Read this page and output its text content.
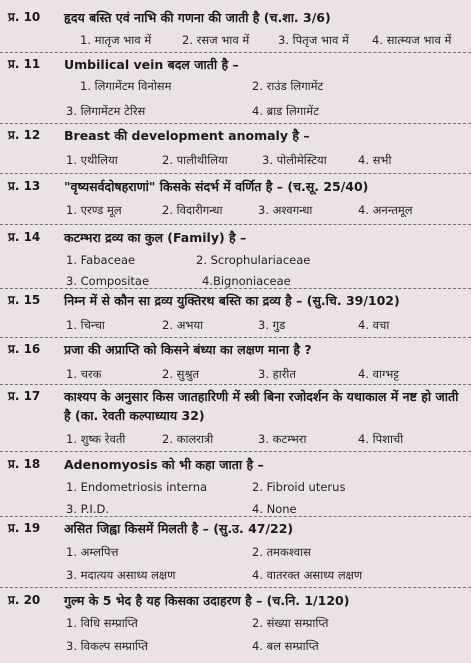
प्र. 10 हृदय बस्ति एवं नाभि की गणना की जाती है (च.शा. 3/6)
1. मातृज भाव में	2. रसज भाव में 3. पितृज भाव में 4. सात्म्यज भाव में
प्र. 11 Umbilical vein बदल जाती है –
1. लिगामेंटम विनोसम	2. राउंड लिगामेंट
3. लिगामेंटम टेरिस	4. ब्राड लिगामेंट
प्र. 12 Breast की development anomaly है –
1. एथीलिया	2. पालीथीलिया	3. पोलीमेस्टिया	4. सभी
प्र. 13 "वृष्यसर्वदोषहराणां" किसके संदर्भ में वर्णित है – (च.सू. 25/40)
1. एरण्ड मूल	2. विदारीगन्धा	3. अश्वगन्धा	4. अनन्तमूल
प्र. 14 कटम्भरा द्रव्य का कुल (Family) है –
1. Fabaceae	2. Scrophulariaceae
3. Compositae	4.Bignoniaceae
प्र. 15 निम्न में से कौन सा द्रव्य युक्तिरथ बस्ति का द्रव्य है – (सु.चि. 39/102)
1. चिन्चा	2. अभया	3. गुड	4. वचा
प्र. 16 प्रजा की अप्राप्ति को किसने बंध्या का लक्षण माना है ?
1. चरक	2. सुश्रुत	3. हारीत	4. वाग्भट्ट
प्र. 17 काश्यप के अनुसार किस जातहारिणी में स्त्री बिना रजोदर्शन के यथाकाल में नष्ट हो जाती है (का. रेवती कल्पाध्याय 32)
1. शुष्क रेवती	2. कालरात्री	3. कटम्भरा	4. पिशाची
प्र. 18 Adenomyosis को भी कहा जाता है –
1. Endometriosis interna	2. Fibroid uterus
3. P.I.D.	4. None
प्र. 19 असित जिह्वा किसमें मिलती है – (सु.उ. 47/22)
1. अम्लपित्त	2. तमकश्वास
3. मदात्यय असाध्य लक्षण	4. वातरक्त असाध्य लक्षण
प्र. 20 गुल्म के 5 भेद है यह किसका उदाहरण है – (च.नि. 1/120)
1. विधि सम्प्राप्ति	2. संख्या सम्प्राप्ति
3. विकल्प सम्प्राप्ति	4. बल सम्प्राप्ति
